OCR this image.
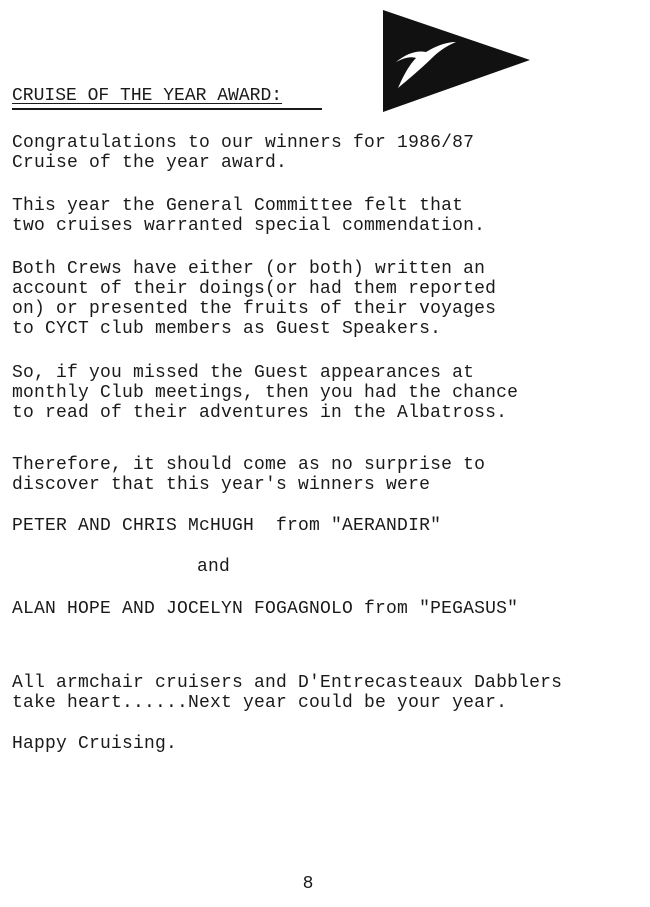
CRUISE OF THE YEAR AWARD:
Congratulations to our winners for 1986/87
Cruise of the year award.
This year the General Committee felt that
two cruises warranted special commendation.
Both Crews have either (or both) written an
account of their doings(or had them reported
on) or presented the fruits of their voyages
to CYCT club members as Guest Speakers.
So, if you missed the Guest appearances at
monthly Club meetings, then you had the chance
to read of their adventures in the Albatross.
Therefore, it should come as no surprise to
discover that this year's winners were
PETER AND CHRIS McHUGH  from "AERANDIR"
and
ALAN HOPE AND JOCELYN FOGAGNOLO from "PEGASUS"
All armchair cruisers and D'Entrecasteaux Dabblers
take heart......Next year could be your year.
Happy Cruising.
8
